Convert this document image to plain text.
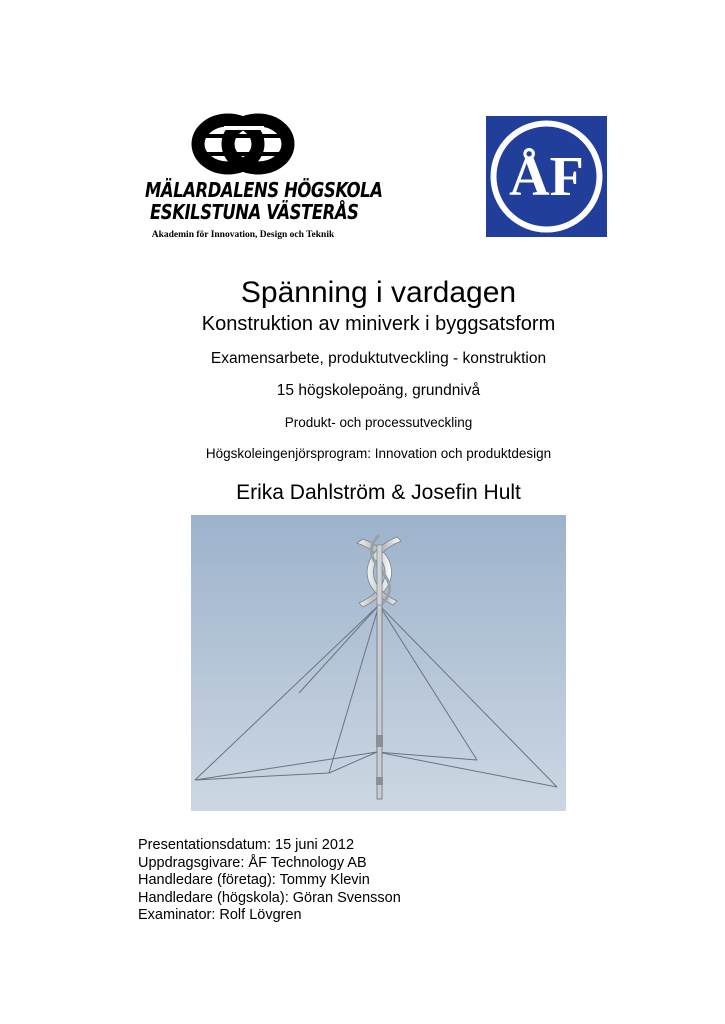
MÄLARDALENS HÖGSKOLA
ESKILSTUNA VÄSTERÅS
Akademin för Innovation, Design och Teknik
ÅF
Spänning i vardagen
Konstruktion av miniverk i byggsatsform
Examensarbete, produktutveckling - konstruktion
15 högskolepoäng, grundnivå
Produkt- och processutveckling
Högskoleingenjörsprogram: Innovation och produktdesign
Erika Dahlström & Josefin Hult
Presentationsdatum: 15 juni 2012
Uppdragsgivare: ÅF Technology AB
Handledare (företag): Tommy Klevin
Handledare (högskola): Göran Svensson
Examinator: Rolf Lövgren
